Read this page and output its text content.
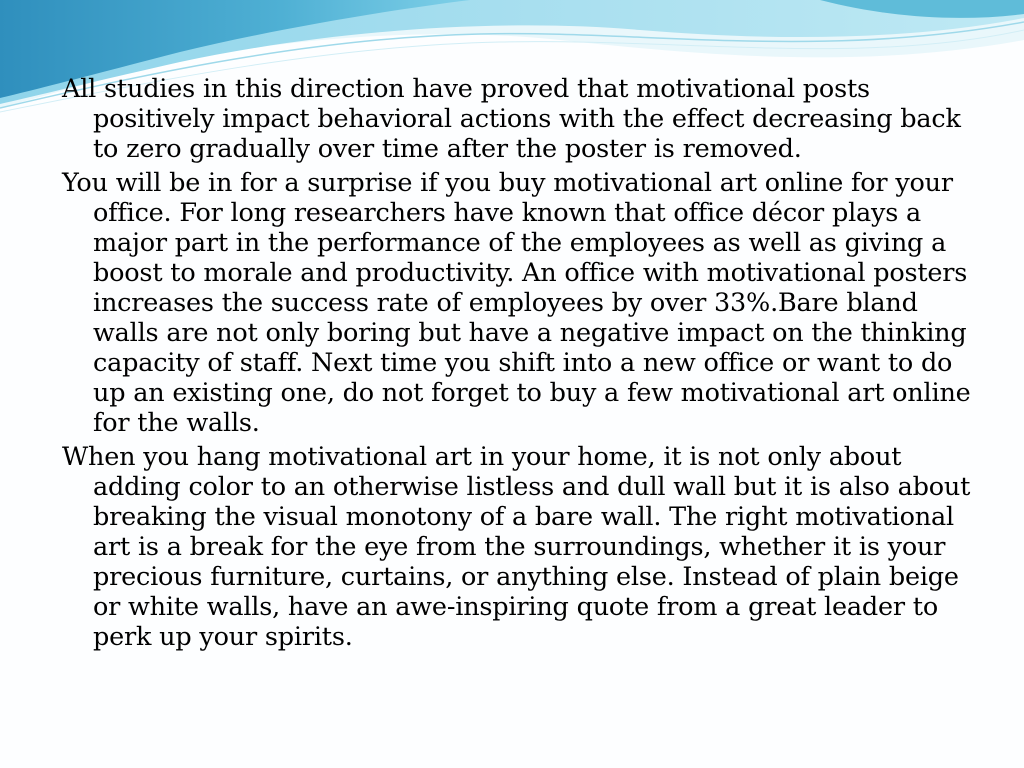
All studies in this direction have proved that motivational posts positively impact behavioral actions with the effect decreasing back to zero gradually over time after the poster is removed.

You will be in for a surprise if you buy motivational art online for your office. For long researchers have known that office décor plays a major part in the performance of the employees as well as giving a boost to morale and productivity. An office with motivational posters increases the success rate of employees by over 33%.Bare bland walls are not only boring but have a negative impact on the thinking capacity of staff. Next time you shift into a new office or want to do up an existing one, do not forget to buy a few motivational art online for the walls.

When you hang motivational art in your home, it is not only about adding color to an otherwise listless and dull wall but it is also about breaking the visual monotony of a bare wall. The right motivational art is a break for the eye from the surroundings, whether it is your precious furniture, curtains, or anything else. Instead of plain beige or white walls, have an awe-inspiring quote from a great leader to perk up your spirits.
